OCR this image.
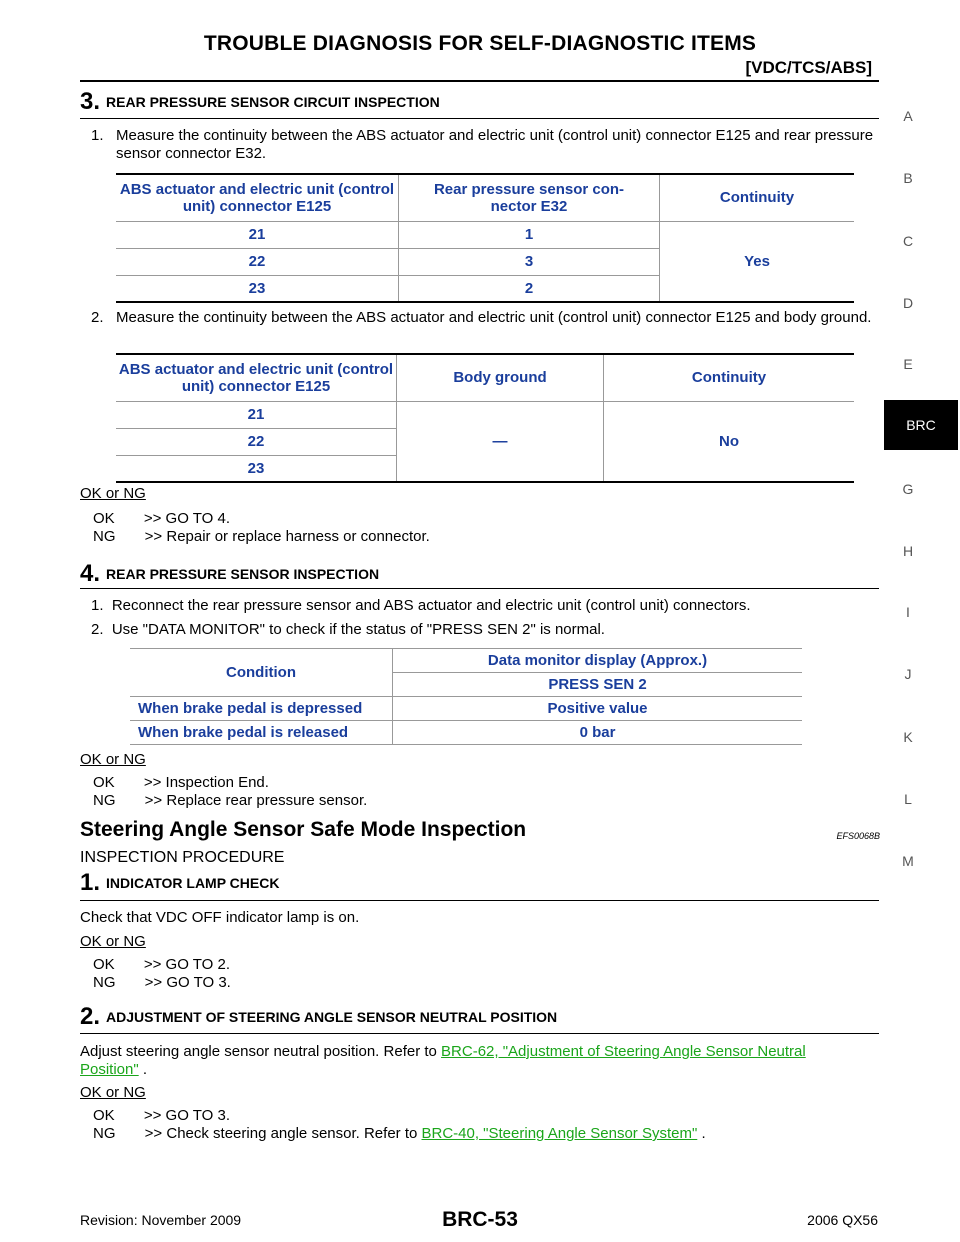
TROUBLE DIAGNOSIS FOR SELF-DIAGNOSTIC ITEMS
[VDC/TCS/ABS]
A
B
C
D
E
BRC
G
H
I
J
K
L
M
3. REAR PRESSURE SENSOR CIRCUIT INSPECTION
1. Measure the continuity between the ABS actuator and electric unit (control unit) connector E125 and rear pressure sensor connector E32.
ABS actuator and electric unit (control unit) connector E125	Rear pressure sensor con- nector E32	Continuity
21	1	Yes
22	3	
23	2	
2. Measure the continuity between the ABS actuator and electric unit (control unit) connector E125 and body ground.
ABS actuator and electric unit (control unit) connector E125	Body ground	Continuity
21	—	No
22		
23		
OK or NG
OK       >> GO TO 4.
NG       >> Repair or replace harness or connector.
4. REAR PRESSURE SENSOR INSPECTION
1.  Reconnect the rear pressure sensor and ABS actuator and electric unit (control unit) connectors.
2.  Use "DATA MONITOR" to check if the status of "PRESS SEN 2" is normal.
Condition	Data monitor display (Approx.)
	PRESS SEN 2
When brake pedal is depressed	Positive value
When brake pedal is released	0 bar
OK or NG
OK       >> Inspection End.
NG       >> Replace rear pressure sensor.
Steering Angle Sensor Safe Mode Inspection	EFS0068B
INSPECTION PROCEDURE
1. INDICATOR LAMP CHECK
Check that VDC OFF indicator lamp is on.
OK or NG
OK       >> GO TO 2.
NG       >> GO TO 3.
2. ADJUSTMENT OF STEERING ANGLE SENSOR NEUTRAL POSITION
Adjust steering angle sensor neutral position. Refer to BRC-62, "Adjustment of Steering Angle Sensor Neutral
Position" .
OK or NG
OK       >> GO TO 3.
NG       >> Check steering angle sensor. Refer to BRC-40, "Steering Angle Sensor System" .
Revision: November 2009	BRC-53	2006 QX56
